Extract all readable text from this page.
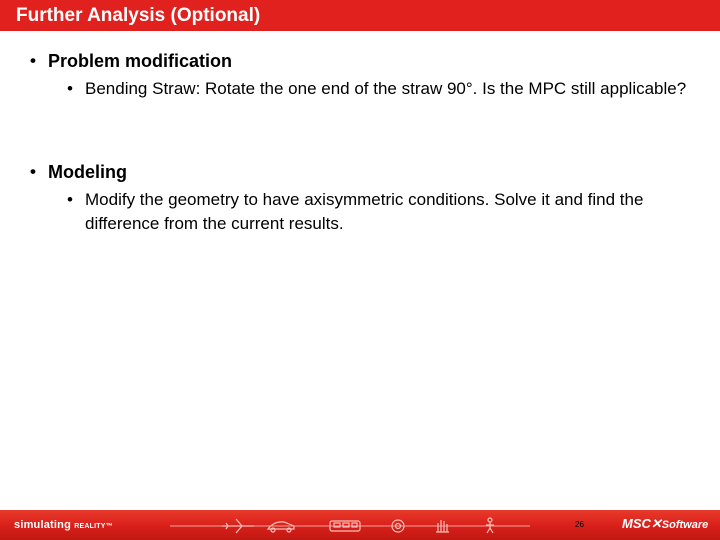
Further Analysis (Optional)
• Problem modification
• Bending Straw: Rotate the one end of the straw 90°. Is the MPC still applicable?
• Modeling
• Modify the geometry to have axisymmetric conditions. Solve it and find the difference from the current results.
simulating REALITY™	26	MSC✕Software
